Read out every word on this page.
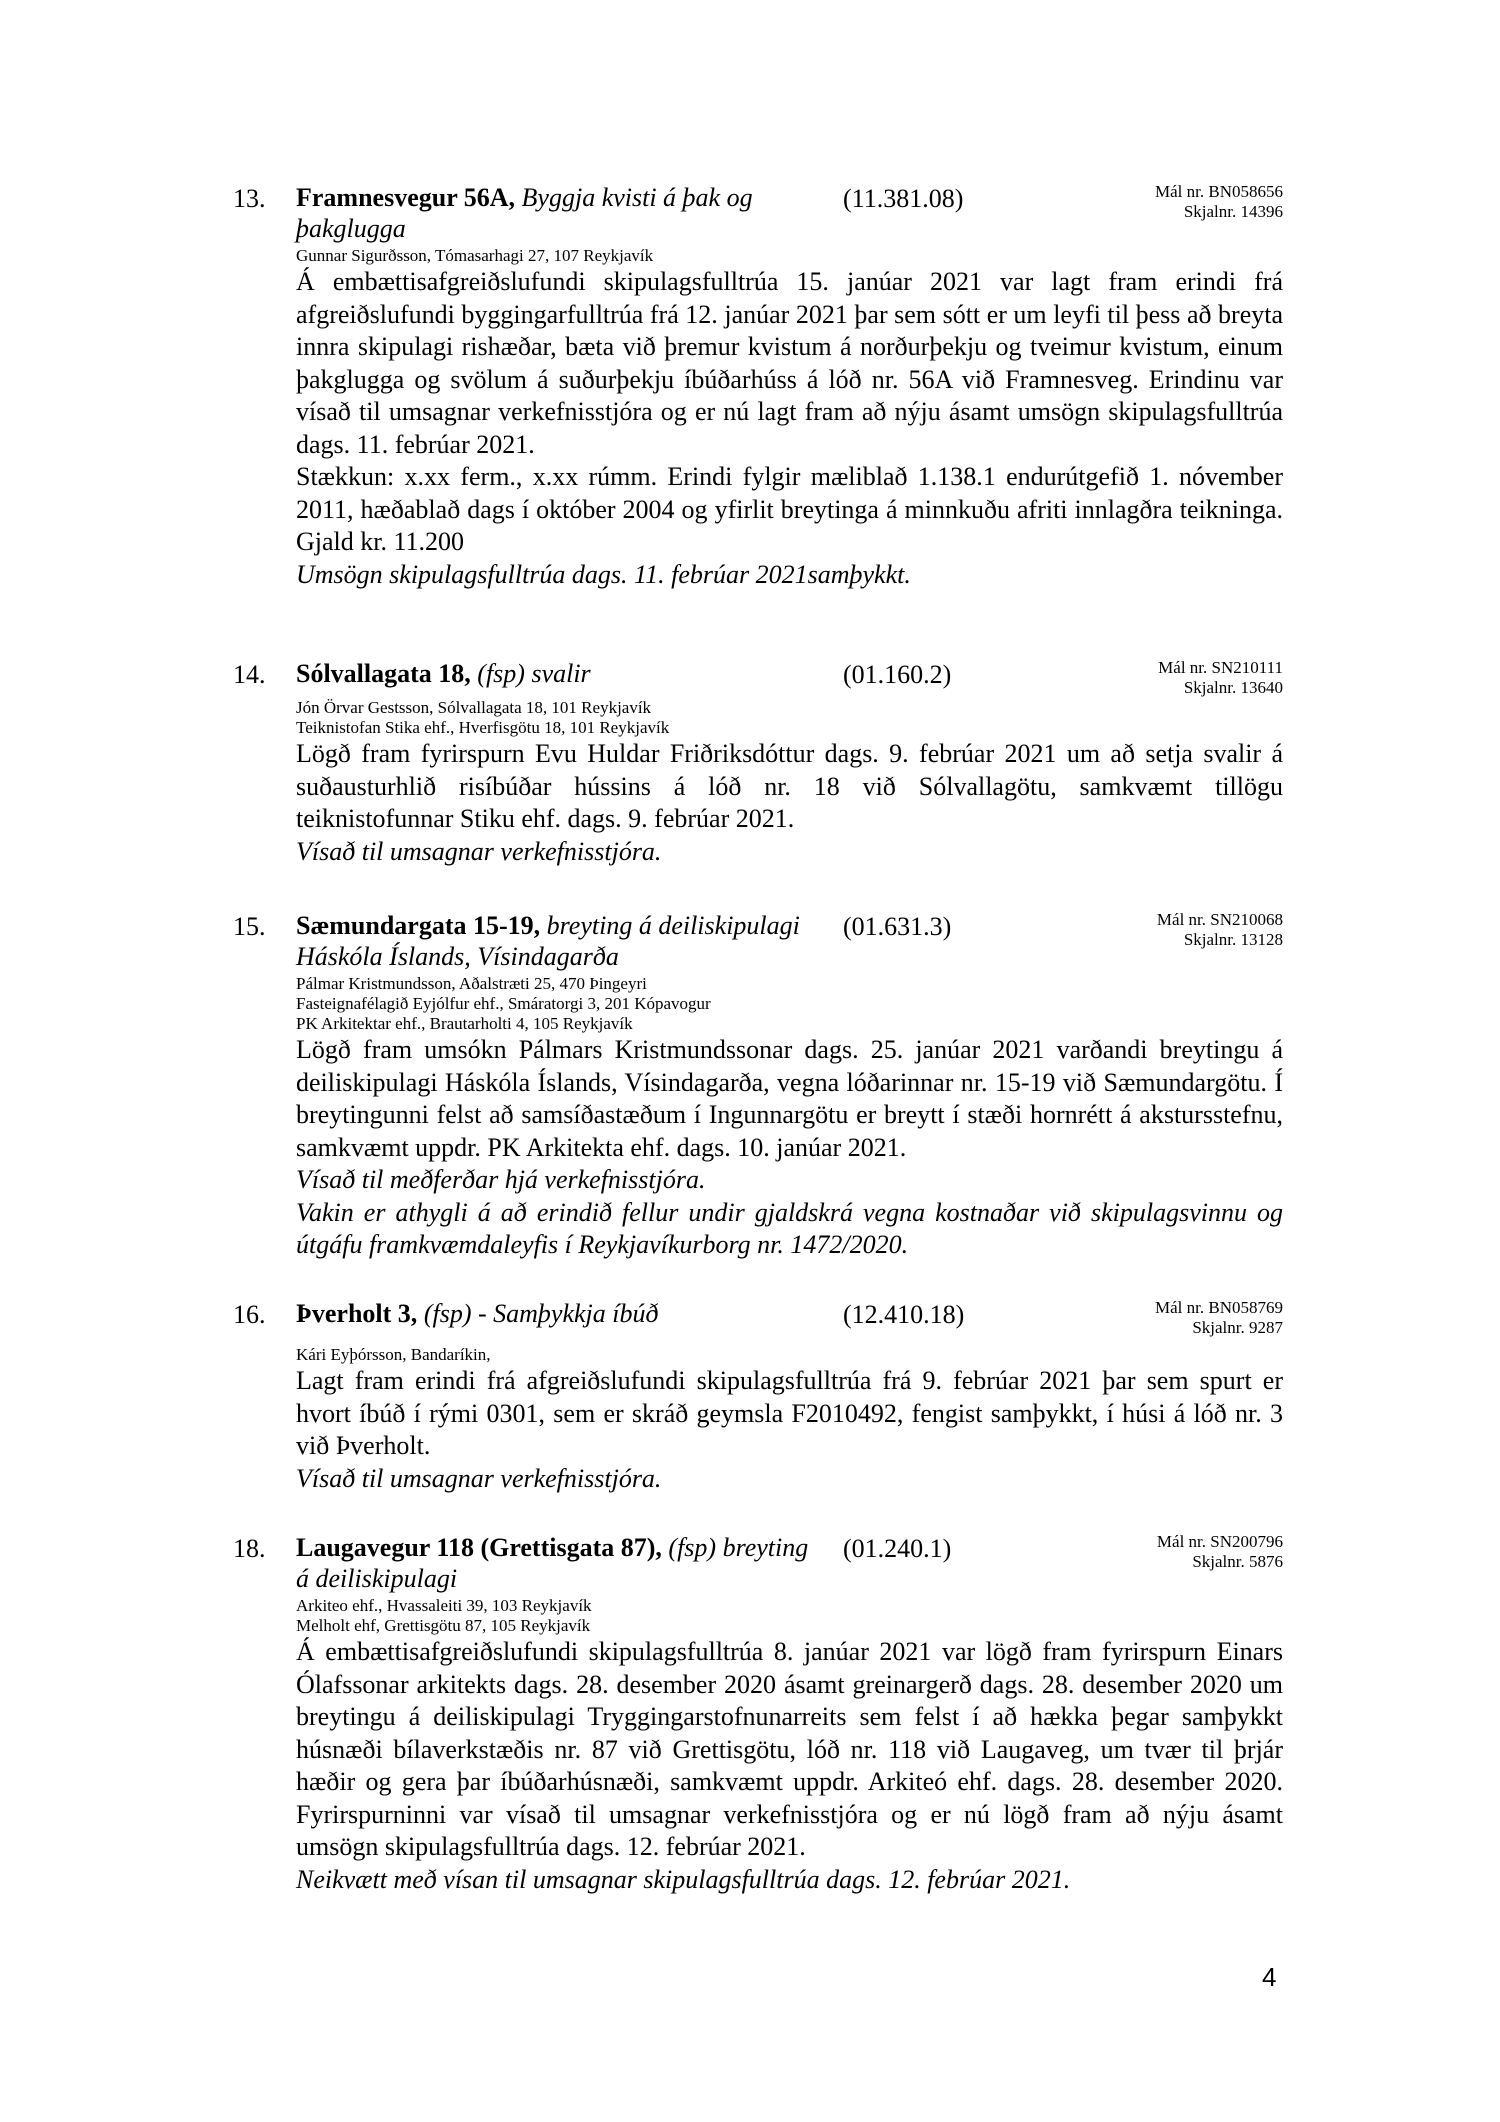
13. Framnesvegur 56A, Byggja kvisti á þak og þakglugga
(11.381.08)	Mál nr. BN058656
Skjalnr. 14396
Gunnar Sigurðsson, Tómasarhagi 27, 107 Reykjavík

Á embættisafgreiðslufundi skipulagsfulltrúa 15. janúar 2021 var lagt fram erindi frá afgreiðslufundi byggingarfulltrúa frá 12. janúar 2021 þar sem sótt er um leyfi til þess að breyta innra skipulagi rishæðar, bæta við þremur kvistum á norðurþekju og tveimur kvistum, einum þakglugga og svölum á suðurþekju íbúðarhúss á lóð nr. 56A við Framnesveg. Erindinu var vísað til umsagnar verkefnisstjóra og er nú lagt fram að nýju ásamt umsögn skipulagsfulltrúa dags. 11. febrúar 2021.

Stækkun: x.xx ferm., x.xx rúmm. Erindi fylgir mæliblað 1.138.1 endurútgefið 1. nóvember 2011, hæðablað dags í október 2004 og yfirlit breytinga á minnkuðu afriti innlagðra teikninga. Gjald kr. 11.200

Umsögn skipulagsfulltrúa dags. 11. febrúar 2021samþykkt.

14. Sólvallagata 18, (fsp) svalir	(01.160.2)	Mál nr. SN210111
Skjalnr. 13640
Jón Örvar Gestsson, Sólvallagata 18, 101 Reykjavík
Teiknistofan Stika ehf., Hverfisgötu 18, 101 Reykjavík

Lögð fram fyrirspurn Evu Huldar Friðriksdóttur dags. 9. febrúar 2021 um að setja svalir á suðausturhlið risíbúðar hússins á lóð nr. 18 við Sólvallagötu, samkvæmt tillögu teiknistofunnar Stiku ehf. dags. 9. febrúar 2021.

Vísað til umsagnar verkefnisstjóra.

15. Sæmundargata 15-19, breyting á deiliskipulagi Háskóla Íslands, Vísindagarða
(01.631.3)	Mál nr. SN210068
Skjalnr. 13128
Pálmar Kristmundsson, Aðalstræti 25, 470 Þingeyri
Fasteignafélagið Eyjólfur ehf., Smáratorgi 3, 201 Kópavogur
PK Arkitektar ehf., Brautarholti 4, 105 Reykjavík

Lögð fram umsókn Pálmars Kristmundssonar dags. 25. janúar 2021 varðandi breytingu á deiliskipulagi Háskóla Íslands, Vísindagarða, vegna lóðarinnar nr. 15-19 við Sæmundargötu. Í breytingunni felst að samsíðastæðum í Ingunnargötu er breytt í stæði hornrétt á akstursstefnu, samkvæmt uppdr. PK Arkitekta ehf. dags. 10. janúar 2021.

Vísað til meðferðar hjá verkefnisstjóra.

Vakin er athygli á að erindið fellur undir gjaldskrá vegna kostnaðar við skipulagsvinnu og útgáfu framkvæmdaleyfis í Reykjavíkurborg nr. 1472/2020.

16. Þverholt 3, (fsp) - Samþykkja íbúð	(12.410.18)	Mál nr. BN058769
Skjalnr. 9287
Kári Eyþórsson, Bandaríkin,

Lagt fram erindi frá afgreiðslufundi skipulagsfulltrúa frá 9. febrúar 2021 þar sem spurt er hvort íbúð í rými 0301, sem er skráð geymsla F2010492, fengist samþykkt, í húsi á lóð nr. 3 við Þverholt.

Vísað til umsagnar verkefnisstjóra.

18. Laugavegur 118 (Grettisgata 87), (fsp) breyting á deiliskipulagi
(01.240.1)	Mál nr. SN200796
Skjalnr. 5876
Arkiteo ehf., Hvassaleiti 39, 103 Reykjavík
Melholt ehf, Grettisgötu 87, 105 Reykjavík

Á embættisafgreiðslufundi skipulagsfulltrúa 8. janúar 2021 var lögð fram fyrirspurn Einars Ólafssonar arkitekts dags. 28. desember 2020 ásamt greinargerð dags. 28. desember 2020 um breytingu á deiliskipulagi Tryggingarstofnunarreits sem felst í að hækka þegar samþykkt húsnæði bílaverkstæðis nr. 87 við Grettisgötu, lóð nr. 118 við Laugaveg, um tvær til þrjár hæðir og gera þar íbúðarhúsnæði, samkvæmt uppdr. Arkiteó ehf. dags. 28. desember 2020. Fyrirspurninni var vísað til umsagnar verkefnisstjóra og er nú lögð fram að nýju ásamt umsögn skipulagsfulltrúa dags. 12. febrúar 2021.

Neikvætt með vísan til umsagnar skipulagsfulltrúa dags. 12. febrúar 2021.

4
